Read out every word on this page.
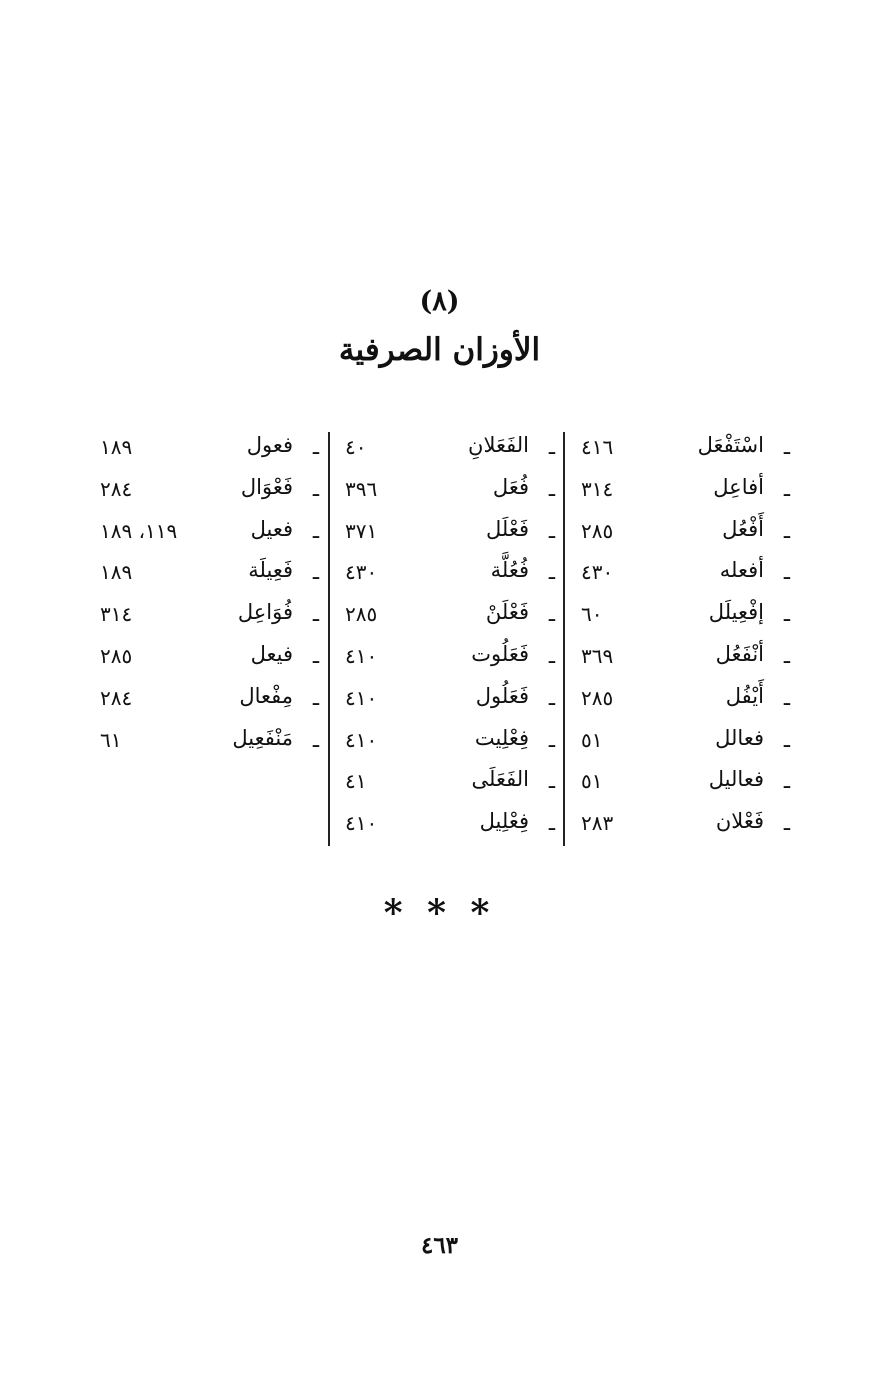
(٨)
الأوزان الصرفية
ـ
اسْتَفْعَل
٤١٦
ـ
أفاعِل
٣١٤
ـ
أَفْعُل
٢٨٥
ـ
أفعله
٤٣٠
ـ
إفْعِيلَل
٦٠
ـ
أنْفَعُل
٣٦٩
ـ
أَيْفُل
٢٨٥
ـ
فعالل
٥١
ـ
فعاليل
٥١
ـ
فَعْلان
٢٨٣
ـ
الفَعَلانِ
٤٠
ـ
فُعَل
٣٩٦
ـ
فَعْلَل
٣٧١
ـ
فُعُلَّة
٤٣٠
ـ
فَعْلَنْ
٢٨٥
ـ
فَعَلُوت
٤١٠
ـ
فَعَلُول
٤١٠
ـ
فِعْلِيت
٤١٠
ـ
الفَعَلَى
٤١
ـ
فِعْلِيل
٤١٠
ـ
فعول
١٨٩
ـ
فَعْوَال
٢٨٤
ـ
فعيل
١١٩، ١٨٩
ـ
فَعِيلَة
١٨٩
ـ
فُوَاعِل
٣١٤
ـ
فيعل
٢٨٥
ـ
مِفْعال
٢٨٤
ـ
مَنْفَعِيل
٦١
* * *
٤٦٣
